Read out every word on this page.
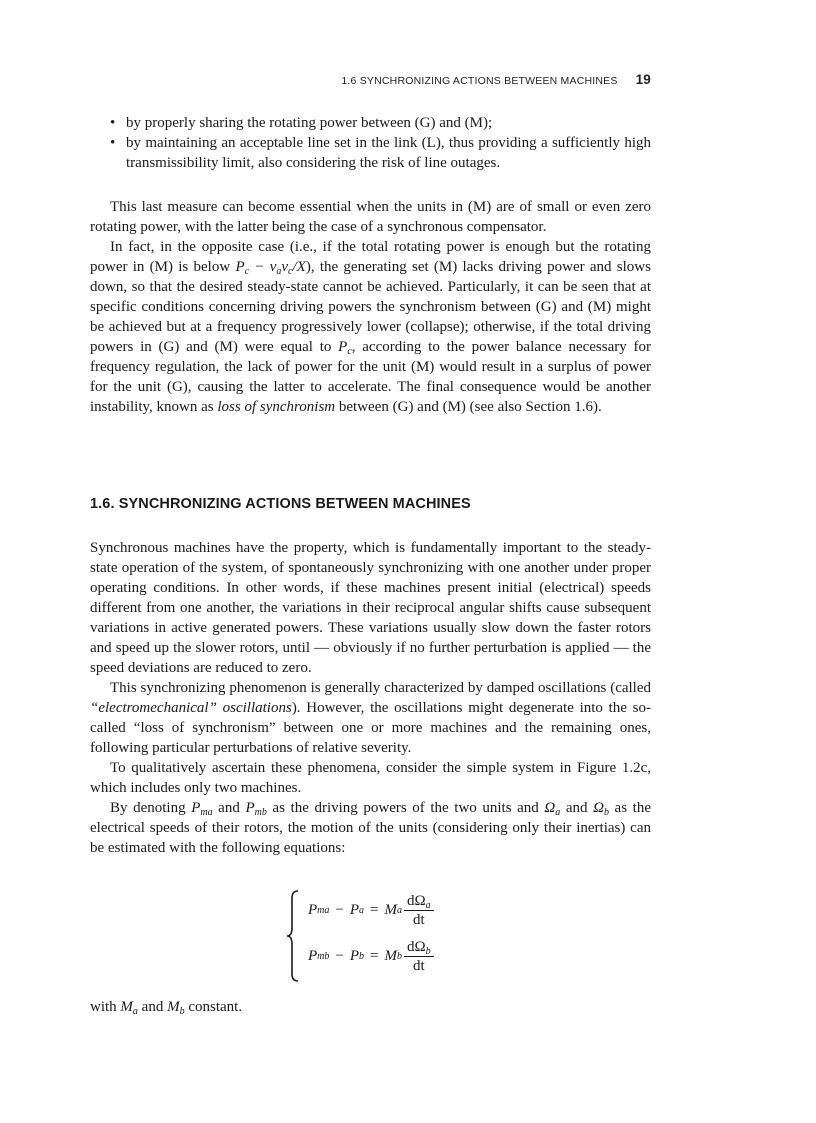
1.6 SYNCHRONIZING ACTIONS BETWEEN MACHINES 19
• by properly sharing the rotating power between (G) and (M);
• by maintaining an acceptable line set in the link (L), thus providing a sufficiently high transmissibility limit, also considering the risk of line outages.

This last measure can become essential when the units in (M) are of small or even zero rotating power, with the latter being the case of a synchronous compensator.

In fact, in the opposite case (i.e., if the total rotating power is enough but the rotating power in (M) is below $P_c - v_av_c/X$), the generating set (M) lacks driving power and slows down, so that the desired steady-state cannot be achieved. Particularly, it can be seen that at specific conditions concerning driving powers the synchronism between (G) and (M) might be achieved but at a frequency progressively lower (collapse); otherwise, if the total driving powers in (G) and (M) were equal to $P_c$, according to the power balance necessary for frequency regulation, the lack of power for the unit (M) would result in a surplus of power for the unit (G), causing the latter to accelerate. The final consequence would be another instability, known as loss of synchronism between (G) and (M) (see also Section 1.6).

1.6. SYNCHRONIZING ACTIONS BETWEEN MACHINES

Synchronous machines have the property, which is fundamentally important to the steady-state operation of the system, of spontaneously synchronizing with one another under proper operating conditions. In other words, if these machines present initial (electrical) speeds different from one another, the variations in their reciprocal angular shifts cause subsequent variations in active generated powers. These variations usually slow down the faster rotors and speed up the slower rotors, until — obviously if no further perturbation is applied — the speed deviations are reduced to zero.

This synchronizing phenomenon is generally characterized by damped oscillations (called “electromechanical” oscillations). However, the oscillations might degenerate into the so-called “loss of synchronism” between one or more machines and the remaining ones, following particular perturbations of relative severity.

To qualitatively ascertain these phenomena, consider the simple system in Figure 1.2c, which includes only two machines.

By denoting $P_{ma}$ and $P_{mb}$ as the driving powers of the two units and $\Omega_a$ and $\Omega_b$ as the electrical speeds of their rotors, the motion of the units (considering only their inertias) can be estimated with the following equations:

P ma − P a = M a $\frac{d\Omega_a}{dt}$
P mb − P b = M b $\frac{d\Omega_b}{dt}$
with $M_a$ and $M_b$ constant.
